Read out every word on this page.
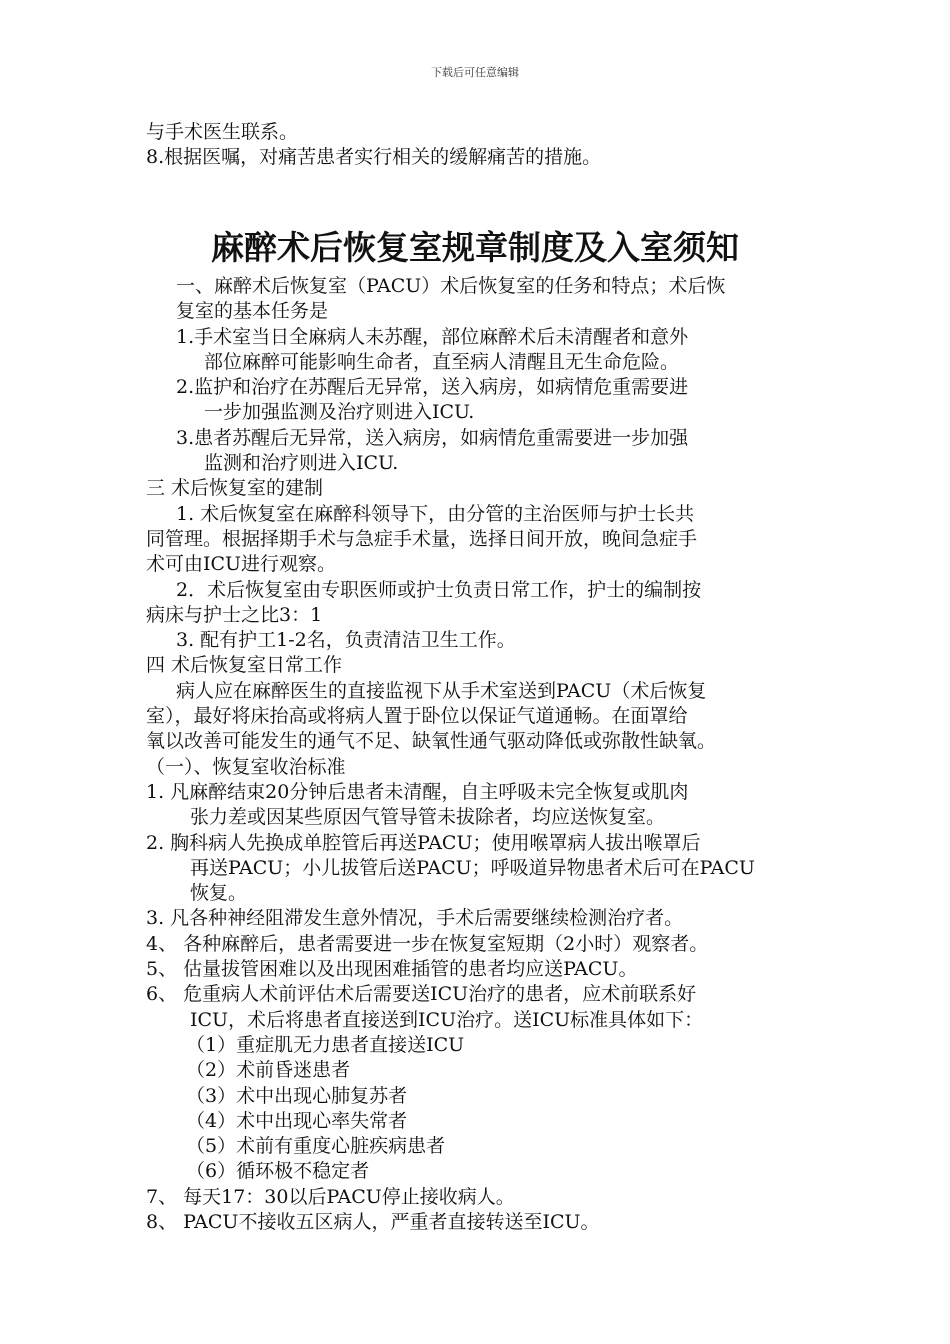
下载后可任意编辑
与手术医生联系。
8.根据医嘱，对痛苦患者实行相关的缓解痛苦的措施。
麻醉术后恢复室规章制度及入室须知
一、麻醉术后恢复室（PACU）术后恢复室的任务和特点；术后恢
复室的基本任务是
1.手术室当日全麻病人未苏醒，部位麻醉术后未清醒者和意外
部位麻醉可能影响生命者，直至病人清醒且无生命危险。
2.监护和治疗在苏醒后无异常，送入病房，如病情危重需要进
一步加强监测及治疗则进入ICU.
3.患者苏醒后无异常，送入病房，如病情危重需要进一步加强
监测和治疗则进入ICU.
三 术后恢复室的建制
1. 术后恢复室在麻醉科领导下，由分管的主治医师与护士长共
同管理。根据择期手术与急症手术量，选择日间开放，晚间急症手
术可由ICU进行观察。
2．术后恢复室由专职医师或护士负责日常工作，护士的编制按
病床与护士之比3：1
3. 配有护工1-2名，负责清洁卫生工作。
四 术后恢复室日常工作
病人应在麻醉医生的直接监视下从手术室送到PACU（术后恢复
室），最好将床抬高或将病人置于卧位以保证气道通畅。在面罩给
氧以改善可能发生的通气不足、缺氧性通气驱动降低或弥散性缺氧。
（一）、恢复室收治标准
1. 凡麻醉结束20分钟后患者未清醒，自主呼吸未完全恢复或肌肉
张力差或因某些原因气管导管未拔除者，均应送恢复室。
2. 胸科病人先换成单腔管后再送PACU；使用喉罩病人拔出喉罩后
再送PACU；小儿拔管后送PACU；呼吸道异物患者术后可在PACU
恢复。
3. 凡各种神经阻滞发生意外情况，手术后需要继续检测治疗者。
4、 各种麻醉后，患者需要进一步在恢复室短期（2小时）观察者。
5、 估量拔管困难以及出现困难插管的患者均应送PACU。
6、 危重病人术前评估术后需要送ICU治疗的患者，应术前联系好
ICU，术后将患者直接送到ICU治疗。送ICU标准具体如下：
（1）重症肌无力患者直接送ICU
（2）术前昏迷患者
（3）术中出现心肺复苏者
（4）术中出现心率失常者
（5）术前有重度心脏疾病患者
（6）循环极不稳定者
7、 每天17：30以后PACU停止接收病人。
8、 PACU不接收五区病人，严重者直接转送至ICU。
